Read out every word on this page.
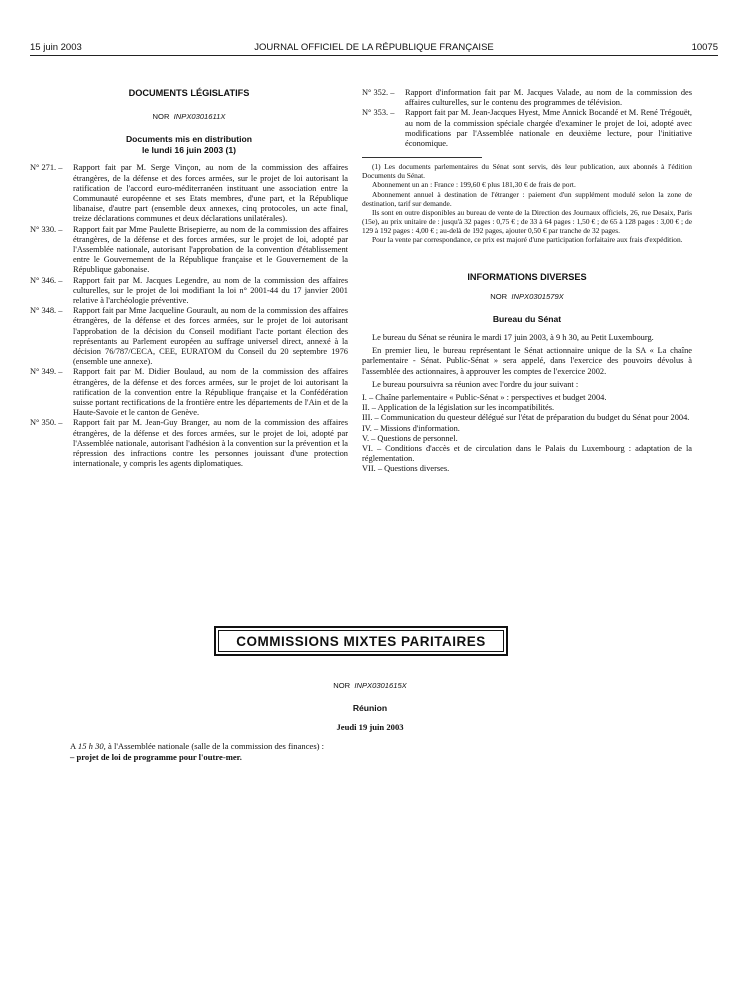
15 juin 2003	JOURNAL OFFICIEL DE LA RÉPUBLIQUE FRANÇAISE	10075
DOCUMENTS LÉGISLATIFS
NOR INPX0301611X
Documents mis en distribution
le lundi 16 juin 2003 (1)
N° 271. –	Rapport fait par M. Serge Vinçon, au nom de la commission des affaires étrangères, de la défense et des forces armées, sur le projet de loi autorisant la ratification de l'accord euro-méditerranéen instituant une association entre la Communauté européenne et ses Etats membres, d'une part, et la République libanaise, d'autre part (ensemble deux annexes, cinq protocoles, un acte final, treize déclarations communes et deux déclarations unilatérales).
N° 330. –	Rapport fait par Mme Paulette Brisepierre, au nom de la commission des affaires étrangères, de la défense et des forces armées, sur le projet de loi, adopté par l'Assemblée nationale, autorisant l'approbation de la convention d'établissement entre le Gouvernement de la République française et le Gouvernement de la République gabonaise.
N° 346. –	Rapport fait par M. Jacques Legendre, au nom de la commission des affaires culturelles, sur le projet de loi modifiant la loi n° 2001-44 du 17 janvier 2001 relative à l'archéologie préventive.
N° 348. –	Rapport fait par Mme Jacqueline Gourault, au nom de la commission des affaires étrangères, de la défense et des forces armées, sur le projet de loi autorisant l'approbation de la décision du Conseil modifiant l'acte portant élection des représentants au Parlement européen au suffrage universel direct, annexé à la décision 76/787/CECA, CEE, EURATOM du Conseil du 20 septembre 1976 (ensemble une annexe).
N° 349. –	Rapport fait par M. Didier Boulaud, au nom de la commission des affaires étrangères, de la défense et des forces armées, sur le projet de loi autorisant la ratification de la convention entre la République française et la Confédération suisse portant rectifications de la frontière entre les départements de l'Ain et de la Haute-Savoie et le canton de Genève.
N° 350. –	Rapport fait par M. Jean-Guy Branger, au nom de la commission des affaires étrangères, de la défense et des forces armées, sur le projet de loi, adopté par l'Assemblée nationale, autorisant l'adhésion à la convention sur la prévention et la répression des infractions contre les personnes jouissant d'une protection internationale, y compris les agents diplomatiques.
N° 352. –	Rapport d'information fait par M. Jacques Valade, au nom de la commission des affaires culturelles, sur le contenu des programmes de télévision.
N° 353. –	Rapport fait par M. Jean-Jacques Hyest, Mme Annick Bocandé et M. René Trégouët, au nom de la commission spéciale chargée d'examiner le projet de loi, adopté avec modifications par l'Assemblée nationale en deuxième lecture, pour l'initiative économique.

(1) Les documents parlementaires du Sénat sont servis, dès leur publication, aux abonnés à l'édition Documents du Sénat.

Abonnement un an : France : 199,60 € plus 181,30 € de frais de port.

Abonnement annuel à destination de l'étranger : paiement d'un supplément modulé selon la zone de destination, tarif sur demande.

Ils sont en outre disponibles au bureau de vente de la Direction des Journaux officiels, 26, rue Desaix, Paris (15e), au prix unitaire de : jusqu'à 32 pages : 0,75 € ; de 33 à 64 pages : 1,50 € ; de 65 à 128 pages : 3,00 € ; de 129 à 192 pages : 4,00 € ; au-delà de 192 pages, ajouter 0,50 € par tranche de 32 pages.

Pour la vente par correspondance, ce prix est majoré d'une participation forfaitaire aux frais d'expédition.

INFORMATIONS DIVERSES
NOR INPX0301579X
Bureau du Sénat

Le bureau du Sénat se réunira le mardi 17 juin 2003, à 9 h 30, au Petit Luxembourg.

En premier lieu, le bureau représentant le Sénat actionnaire unique de la SA « La chaîne parlementaire - Sénat. Public-Sénat » sera appelé, dans l'exercice des pouvoirs dévolus à l'assemblée des actionnaires, à approuver les comptes de l'exercice 2002.

Le bureau poursuivra sa réunion avec l'ordre du jour suivant :

I. – Chaîne parlementaire « Public-Sénat » : perspectives et budget 2004.

II. – Application de la législation sur les incompatibilités.

III. – Communication du questeur délégué sur l'état de préparation du budget du Sénat pour 2004.

IV. – Missions d'information.

V. – Questions de personnel.

VI. – Conditions d'accès et de circulation dans le Palais du Luxembourg : adaptation de la réglementation.

VII. – Questions diverses.

COMMISSIONS MIXTES PARITAIRES
NOR INPX0301615X
Réunion
Jeudi 19 juin 2003
A 15 h 30, à l'Assemblée nationale (salle de la commission des finances) :
– projet de loi de programme pour l'outre-mer.
